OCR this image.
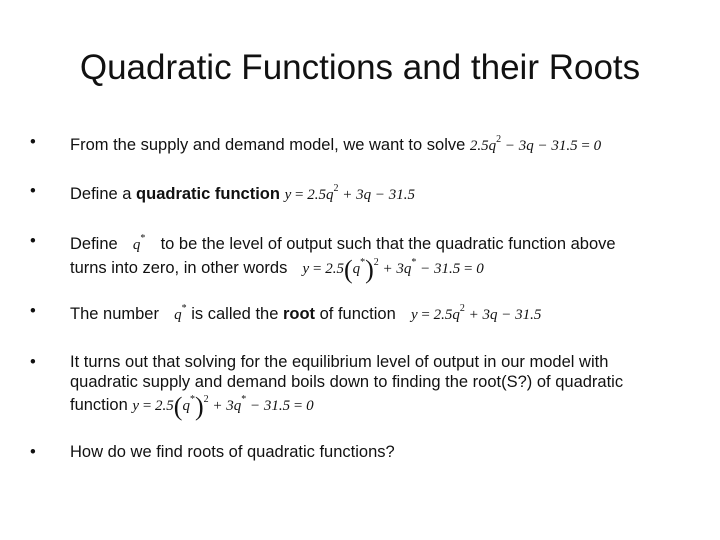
Quadratic Functions and their Roots
•	From the supply and demand model, we want to solve $2.5q^2 - 3q - 31.5 = 0$
•	Define a quadratic function $y = 2.5q^2 + 3q - 31.5$
•	Define q* to be the level of output such that the quadratic function above
turns into zero, in other words $y = 2.5(q^*)^2 + 3q^* - 31.5 = 0$
•	The number q* is called the root of function $y = 2.5q^2 + 3q - 31.5$
•	It turns out that solving for the equilibrium level of output in our model with
quadratic supply and demand boils down to finding the root(S?) of quadratic
function $y = 2.5(q^*)^2 + 3q^* - 31.5 = 0$
•	How do we find roots of quadratic functions?
